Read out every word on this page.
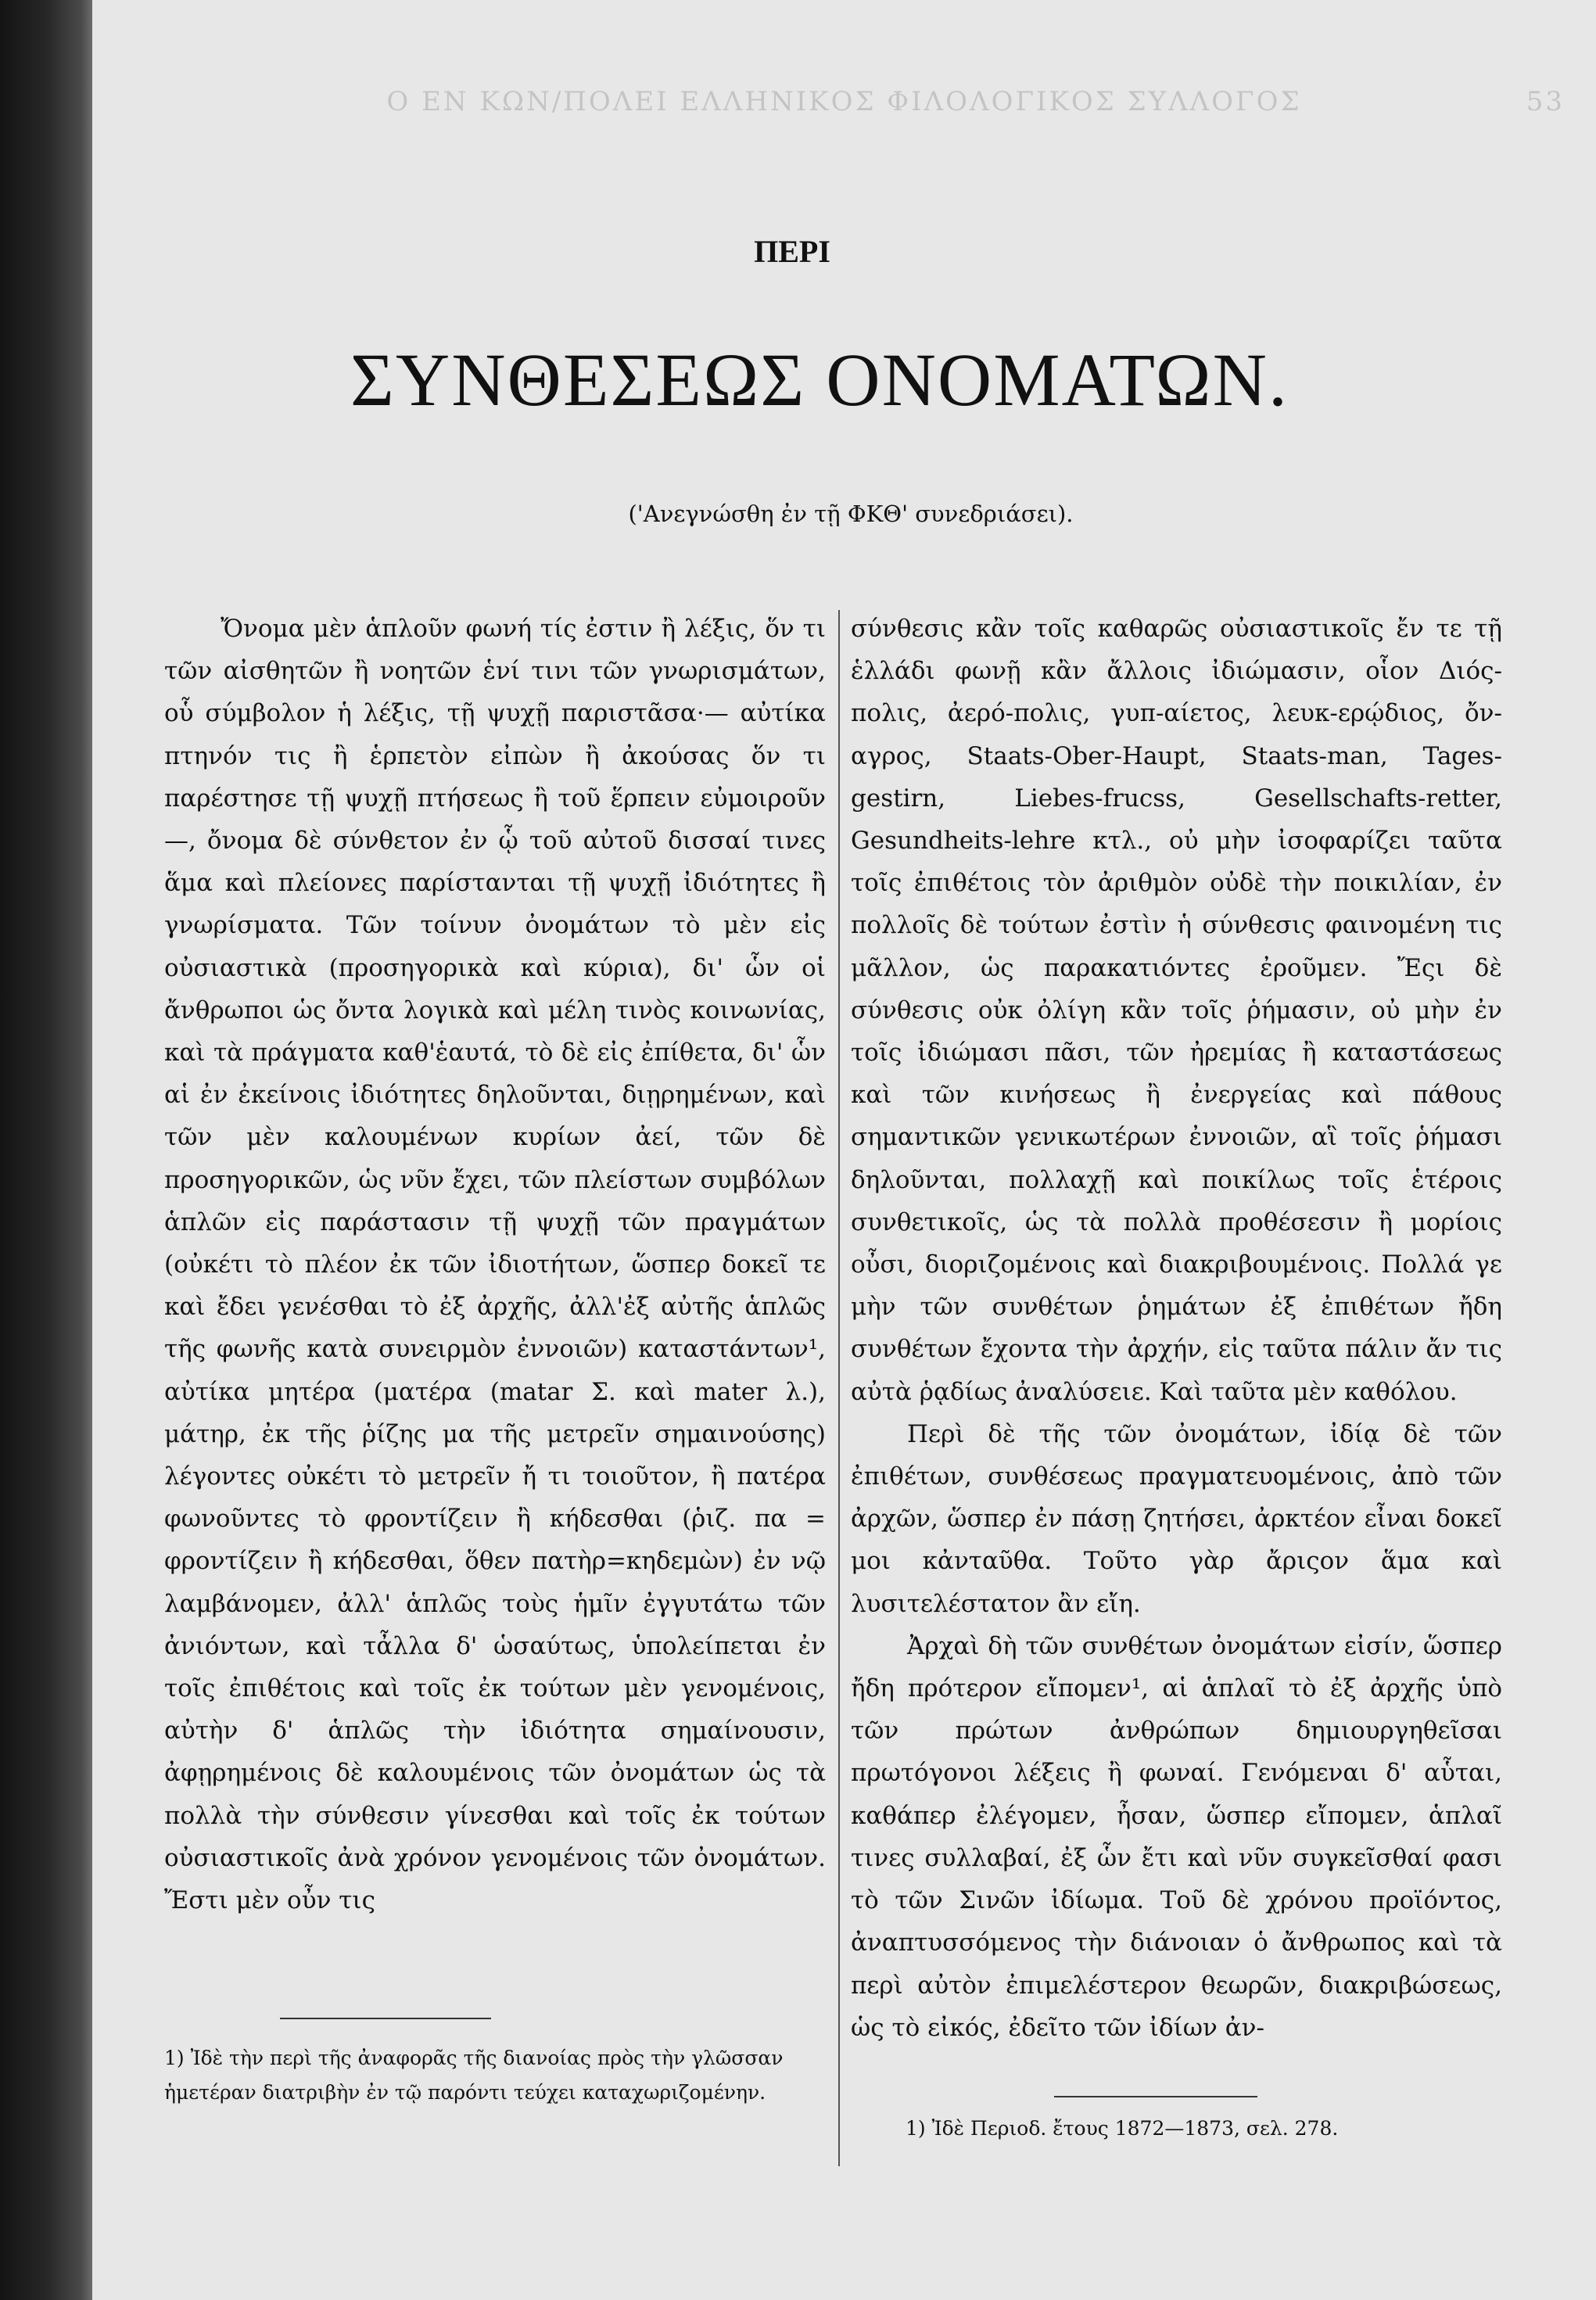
Ο ΕΝ ΚΩΝ/ΠΟΛΕΙ ΕΛΛΗΝΙΚΟΣ ΦΙΛΟΛΟΓΙΚΟΣ ΣΥΛΛΟΓΟΣ	53
ΠΕΡΙ
ΣΥΝΘΕΣΕΩΣ ΟΝΟΜΑΤΩΝ.
('Ανεγνώσθη ἐν τῇ ΦΚΘ' συνεδριάσει).

Ὄνομα μὲν ἁπλοῦν φωνή τίς ἐστιν ἢ λέξις, ὅν τι τῶν αἰσθητῶν ἢ νοητῶν ἑνί τινι τῶν γνωρισμάτων, οὗ σύμβολον ἡ λέξις, τῇ ψυχῇ παριστᾶσα·— αὐτίκα πτηνόν τις ἢ ἑρπετὸν εἰπὼν ἢ ἀκούσας ὅν τι παρέστησε τῇ ψυχῇ πτήσεως ἢ τοῦ ἕρπειν εὐμοιροῦν—, ὄνομα δὲ σύνθετον ἐν ᾧ τοῦ αὐτοῦ δισσαί τινες ἅμα καὶ πλείονες παρίστανται τῇ ψυχῇ ἰδιότητες ἢ γνωρίσματα. Τῶν τοίνυν ὀνομάτων τὸ μὲν εἰς οὐσιαστικὰ (προσηγορικὰ καὶ κύρια), δι' ὧν οἱ ἄνθρωποι ὡς ὄντα λογικὰ καὶ μέλη τινὸς κοινωνίας, καὶ τὰ πράγματα καθ'ἑαυτά, τὸ δὲ εἰς ἐπίθετα, δι' ὧν αἱ ἐν ἐκείνοις ἰδιότητες δηλοῦνται, διῃρημένων, καὶ τῶν μὲν καλουμένων κυρίων ἀεί, τῶν δὲ προσηγορικῶν, ὡς νῦν ἔχει, τῶν πλείστων συμβόλων ἁπλῶν εἰς παράστασιν τῇ ψυχῇ τῶν πραγμάτων (οὐκέτι τὸ πλέον ἐκ τῶν ἰδιοτήτων, ὥσπερ δοκεῖ τε καὶ ἔδει γενέσθαι τὸ ἐξ ἀρχῆς, ἀλλ'ἐξ αὐτῆς ἁπλῶς τῆς φωνῆς κατὰ συνειρμὸν ἐννοιῶν) καταστάντων¹, αὐτίκα μητέρα (ματέρα (matar Σ. καὶ mater λ.), μάτηρ, ἐκ τῆς ῥίζης μα τῆς μετρεῖν σημαινούσης) λέγοντες οὐκέτι τὸ μετρεῖν ἤ τι τοιοῦτον, ἢ πατέρα φωνοῦντες τὸ φροντίζειν ἢ κήδεσθαι (ῥιζ. πα = φροντίζειν ἢ κήδεσθαι, ὅθεν πατὴρ=κηδεμὼν) ἐν νῷ λαμβάνομεν, ἀλλ' ἁπλῶς τοὺς ἡμῖν ἐγγυτάτω τῶν ἀνιόντων, καὶ τἆλλα δ' ὡσαύτως, ὑπολείπεται ἐν τοῖς ἐπιθέτοις καὶ τοῖς ἐκ τούτων μὲν γενομένοις, αὐτὴν δ' ἁπλῶς τὴν ἰδιότητα σημαίνουσιν, ἀφῃρημένοις δὲ καλουμένοις τῶν ὀνομάτων ὡς τὰ πολλὰ τὴν σύνθεσιν γίνεσθαι καὶ τοῖς ἐκ τούτων οὐσιαστικοῖς ἀνὰ χρόνον γενομένοις τῶν ὀνομάτων. Ἔστι μὲν οὖν τις

σύνθεσις κἂν τοῖς καθαρῶς οὐσιαστικοῖς ἔν τε τῇ ἑλλάδι φωνῇ κἂν ἄλλοις ἰδιώμασιν, οἷον Διός-πολις, ἀερό-πολις, γυπ-αίετος, λευκ-ερῴδιος, ὄν-αγρος, Staats-Ober-Haupt, Staats-man, Tages-gestirn, Liebes-frucss, Gesellschafts-retter, Gesundheits-lehre κτλ., οὐ μὴν ἰσοφαρίζει ταῦτα τοῖς ἐπιθέτοις τὸν ἀριθμὸν οὐδὲ τὴν ποικιλίαν, ἐν πολλοῖς δὲ τούτων ἐστὶν ἡ σύνθεσις φαινομένη τις μᾶλλον, ὡς παρακατιόντες ἐροῦμεν. Ἔςι δὲ σύνθεσις οὐκ ὀλίγη κἂν τοῖς ῥήμασιν, οὐ μὴν ἐν τοῖς ἰδιώμασι πᾶσι, τῶν ἠρεμίας ἢ καταστάσεως καὶ τῶν κινήσεως ἢ ἐνεργείας καὶ πάθους σημαντικῶν γενικωτέρων ἐννοιῶν, αἳ τοῖς ῥήμασι δηλοῦνται, πολλαχῇ καὶ ποικίλως τοῖς ἑτέροις συνθετικοῖς, ὡς τὰ πολλὰ προθέσεσιν ἢ μορίοις οὖσι, διοριζομένοις καὶ διακριβουμένοις. Πολλά γε μὴν τῶν συνθέτων ῥημάτων ἐξ ἐπιθέτων ἤδη συνθέτων ἔχοντα τὴν ἀρχήν, εἰς ταῦτα πάλιν ἄν τις αὐτὰ ῥᾳδίως ἀναλύσειε. Καὶ ταῦτα μὲν καθόλου.

Περὶ δὲ τῆς τῶν ὀνομάτων, ἰδίᾳ δὲ τῶν ἐπιθέτων, συνθέσεως πραγματευομένοις, ἀπὸ τῶν ἀρχῶν, ὥσπερ ἐν πάσῃ ζητήσει, ἀρκτέον εἶναι δοκεῖ μοι κἀνταῦθα. Τοῦτο γὰρ ἄριςον ἅμα καὶ λυσιτελέστατον ἂν εἴη.

Ἀρχαὶ δὴ τῶν συνθέτων ὀνομάτων εἰσίν, ὥσπερ ἤδη πρότερον εἴπομεν¹, αἱ ἁπλαῖ τὸ ἐξ ἀρχῆς ὑπὸ τῶν πρώτων ἀνθρώπων δημιουργηθεῖσαι πρωτόγονοι λέξεις ἢ φωναί. Γενόμεναι δ' αὗται, καθάπερ ἐλέγομεν, ἦσαν, ὥσπερ εἴπομεν, ἁπλαῖ τινες συλλαβαί, ἐξ ὧν ἔτι καὶ νῦν συγκεῖσθαί φασι τὸ τῶν Σινῶν ἰδίωμα. Τοῦ δὲ χρόνου προϊόντος, ἀναπτυσσόμενος τὴν διάνοιαν ὁ ἄνθρωπος καὶ τὰ περὶ αὐτὸν ἐπιμελέστερον θεωρῶν, διακριβώσεως, ὡς τὸ εἰκός, ἐδεῖτο τῶν ἰδίων ἀν-

1) Ἰδὲ τὴν περὶ τῆς ἀναφορᾶς τῆς διανοίας πρὸς τὴν γλῶσσαν ἡμετέραν διατριβὴν ἐν τῷ παρόντι τεύχει καταχωριζομένην.
1) Ἰδὲ Περιοδ. ἔτους 1872—1873, σελ. 278.
